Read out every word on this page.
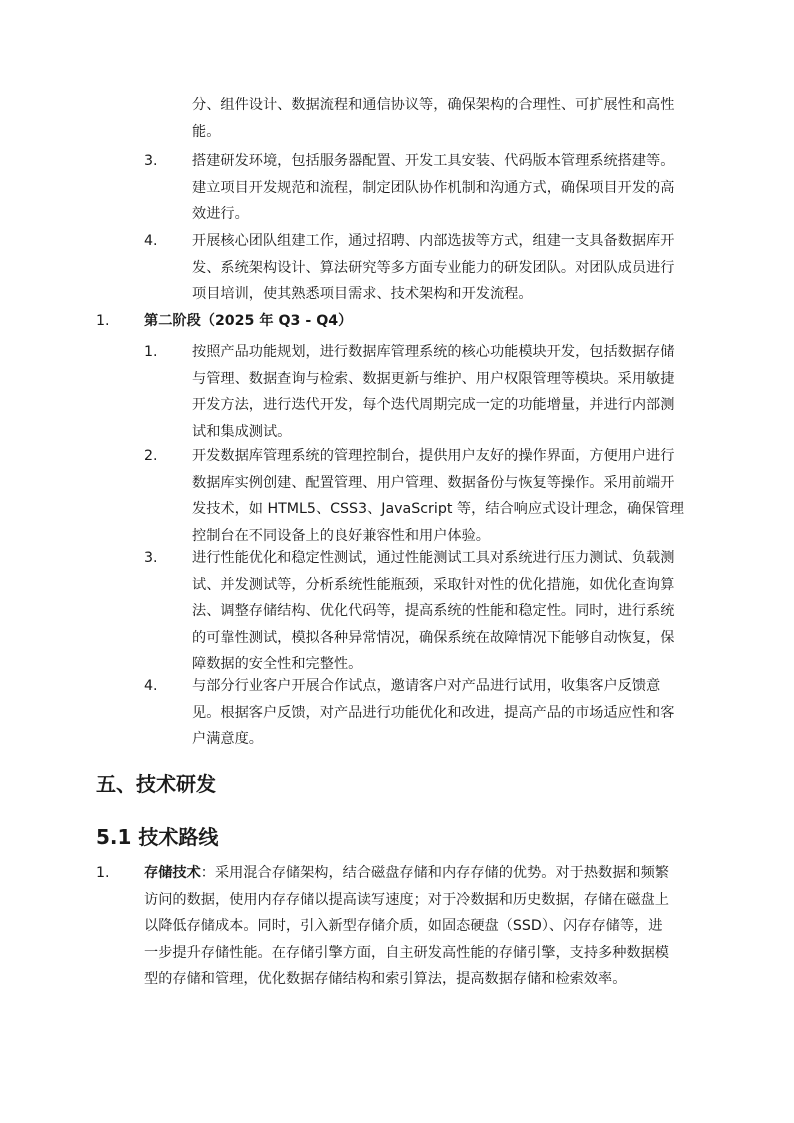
分、组件设计、数据流程和通信协议等，确保架构的合理性、可扩展性和高性
能。
3. 搭建研发环境，包括服务器配置、开发工具安装、代码版本管理系统搭建等。
建立项目开发规范和流程，制定团队协作机制和沟通方式，确保项目开发的高
效进行。
4. 开展核心团队组建工作，通过招聘、内部选拔等方式，组建一支具备数据库开
发、系统架构设计、算法研究等多方面专业能力的研发团队。对团队成员进行
项目培训，使其熟悉项目需求、技术架构和开发流程。
1. 第二阶段（2025 年 Q3 - Q4）
1. 按照产品功能规划，进行数据库管理系统的核心功能模块开发，包括数据存储
与管理、数据查询与检索、数据更新与维护、用户权限管理等模块。采用敏捷
开发方法，进行迭代开发，每个迭代周期完成一定的功能增量，并进行内部测
试和集成测试。
2. 开发数据库管理系统的管理控制台，提供用户友好的操作界面，方便用户进行
数据库实例创建、配置管理、用户管理、数据备份与恢复等操作。采用前端开
发技术，如 HTML5、CSS3、JavaScript 等，结合响应式设计理念，确保管理
控制台在不同设备上的良好兼容性和用户体验。
3. 进行性能优化和稳定性测试，通过性能测试工具对系统进行压力测试、负载测
试、并发测试等，分析系统性能瓶颈，采取针对性的优化措施，如优化查询算
法、调整存储结构、优化代码等，提高系统的性能和稳定性。同时，进行系统
的可靠性测试，模拟各种异常情况，确保系统在故障情况下能够自动恢复，保
障数据的安全性和完整性。
4. 与部分行业客户开展合作试点，邀请客户对产品进行试用，收集客户反馈意
见。根据客户反馈，对产品进行功能优化和改进，提高产品的市场适应性和客
户满意度。
五、技术研发
5.1 技术路线
1. 存储技术：采用混合存储架构，结合磁盘存储和内存存储的优势。对于热数据和频繁
访问的数据，使用内存存储以提高读写速度；对于冷数据和历史数据，存储在磁盘上
以降低存储成本。同时，引入新型存储介质，如固态硬盘（SSD）、闪存存储等，进
一步提升存储性能。在存储引擎方面，自主研发高性能的存储引擎，支持多种数据模
型的存储和管理，优化数据存储结构和索引算法，提高数据存储和检索效率。
